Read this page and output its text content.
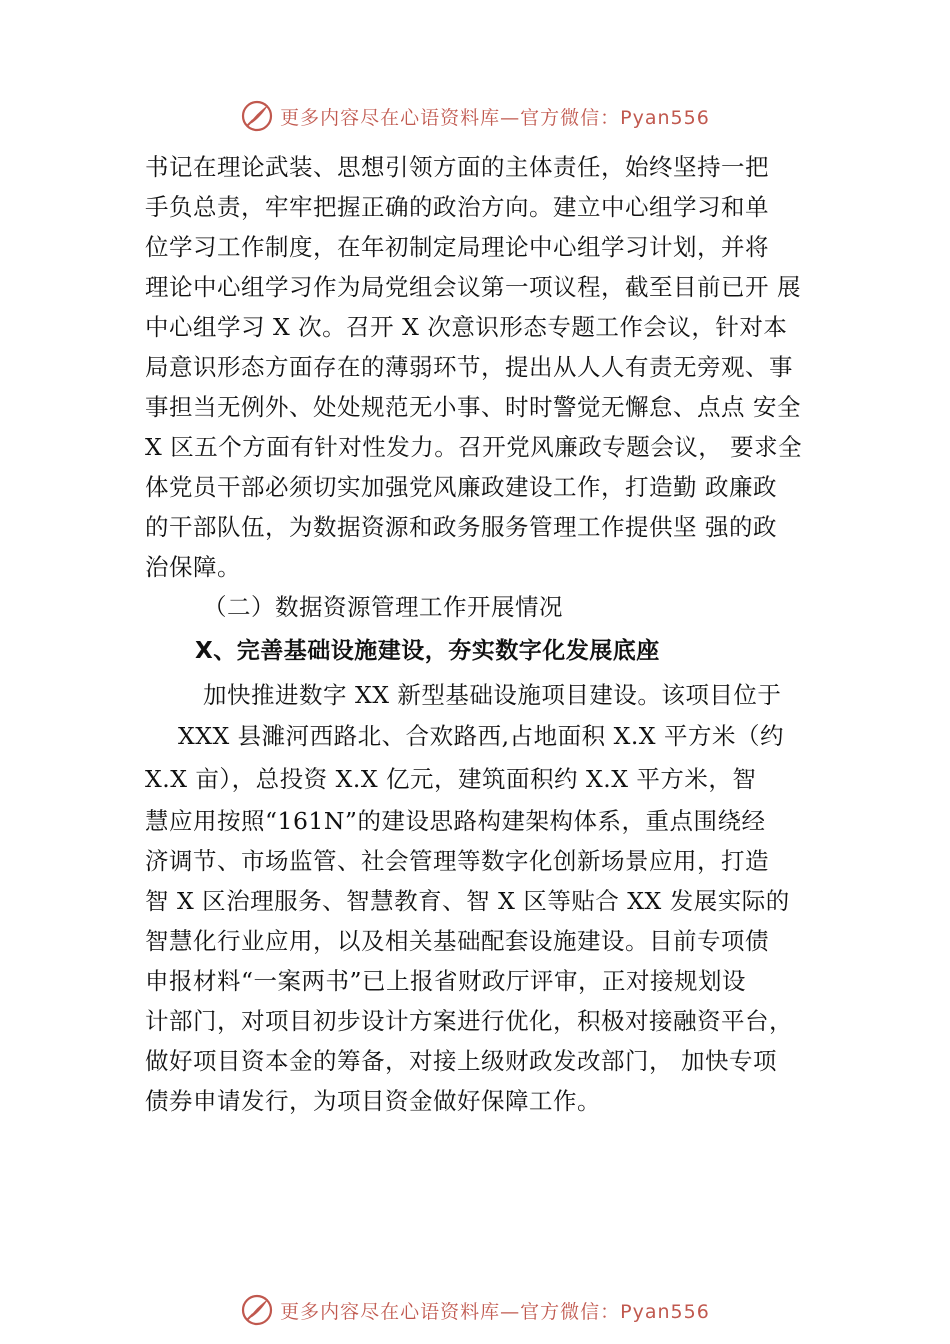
更多内容尽在心语资料库—官方微信：Pyan556
书记在理论武装、思想引领方面的主体责任，始终坚持一把
手负总责，牢牢把握正确的政治方向。建立中心组学习和单
位学习工作制度，在年初制定局理论中心组学习计划，并将
理论中心组学习作为局党组会议第一项议程，截至目前已开 展
中心组学习 X 次。召开 X 次意识形态专题工作会议，针对本
局意识形态方面存在的薄弱环节，提出从人人有责无旁观、事
事担当无例外、处处规范无小事、时时警觉无懈怠、点点 安全
X 区五个方面有针对性发力。召开党风廉政专题会议， 要求全
体党员干部必须切实加强党风廉政建设工作，打造勤 政廉政
的干部队伍，为数据资源和政务服务管理工作提供坚 强的政
治保障。
（二）数据资源管理工作开展情况
X、完善基础设施建设，夯实数字化发展底座
加快推进数字 XX 新型基础设施项目建设。该项目位于
XXX 县濉河西路北、合欢路西,占地面积 X.X 平方米（约
X.X 亩），总投资 X.X 亿元，建筑面积约 X.X 平方米，智
慧应用按照“161N”的建设思路构建架构体系，重点围绕经
济调节、市场监管、社会管理等数字化创新场景应用，打造
智 X 区治理服务、智慧教育、智 X 区等贴合 XX 发展实际的
智慧化行业应用，以及相关基础配套设施建设。目前专项债
申报材料“一案两书”已上报省财政厅评审，正对接规划设
计部门，对项目初步设计方案进行优化，积极对接融资平台，
做好项目资本金的筹备，对接上级财政发改部门， 加快专项
债券申请发行，为项目资金做好保障工作。
更多内容尽在心语资料库—官方微信：Pyan556
